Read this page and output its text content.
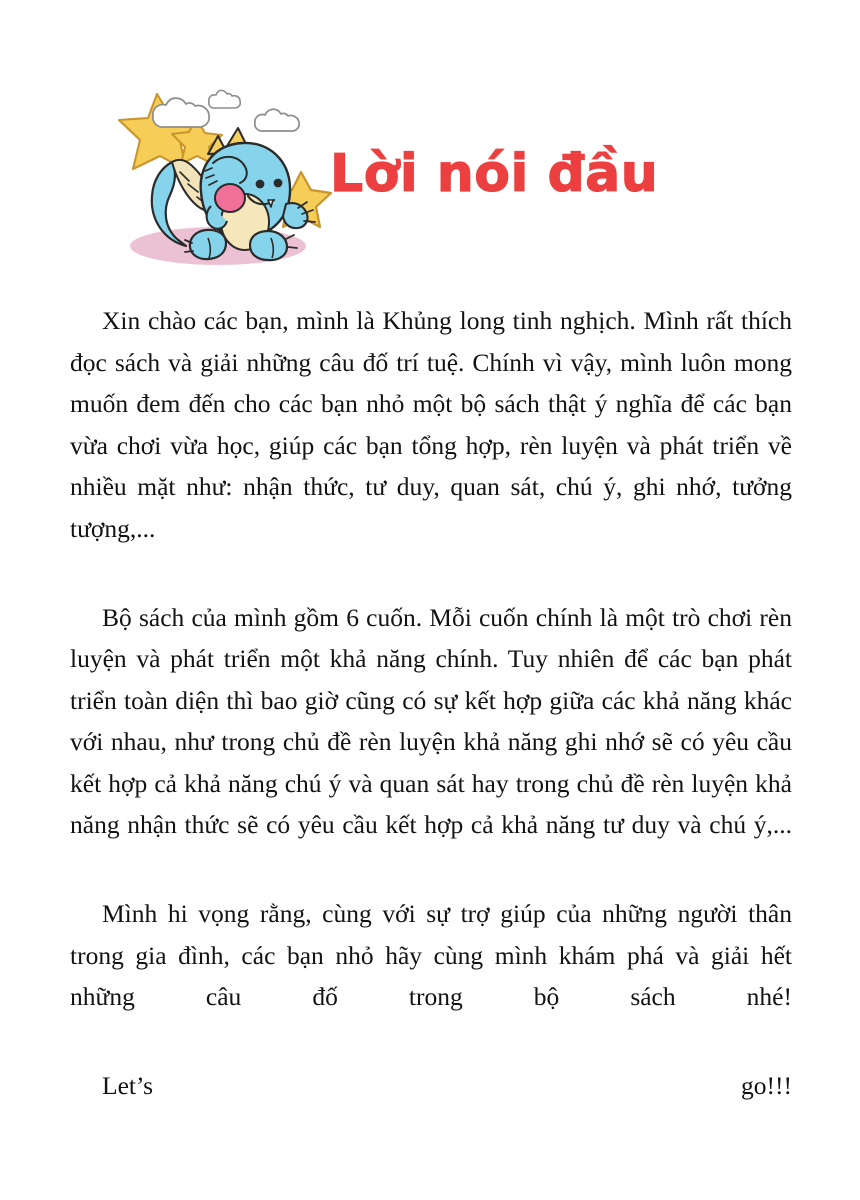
Lời nói đầu

Xin chào các bạn, mình là Khủng long tinh nghịch. Mình rất thích đọc sách và giải những câu đố trí tuệ. Chính vì vậy, mình luôn mong muốn đem đến cho các bạn nhỏ một bộ sách thật ý nghĩa để các bạn vừa chơi vừa học, giúp các bạn tổng hợp, rèn luyện và phát triển về nhiều mặt như: nhận thức, tư duy, quan sát, chú ý, ghi nhớ, tưởng tượng,...

Bộ sách của mình gồm 6 cuốn. Mỗi cuốn chính là một trò chơi rèn luyện và phát triển một khả năng chính. Tuy nhiên để các bạn phát triển toàn diện thì bao giờ cũng có sự kết hợp giữa các khả năng khác với nhau, như trong chủ đề rèn luyện khả năng ghi nhớ sẽ có yêu cầu kết hợp cả khả năng chú ý và quan sát hay trong chủ đề rèn luyện khả năng nhận thức sẽ có yêu cầu kết hợp cả khả năng tư duy và chú ý,...

Mình hi vọng rằng, cùng với sự trợ giúp của những người thân trong gia đình, các bạn nhỏ hãy cùng mình khám phá và giải hết những câu đố trong bộ sách nhé!

Let’s go!!!
